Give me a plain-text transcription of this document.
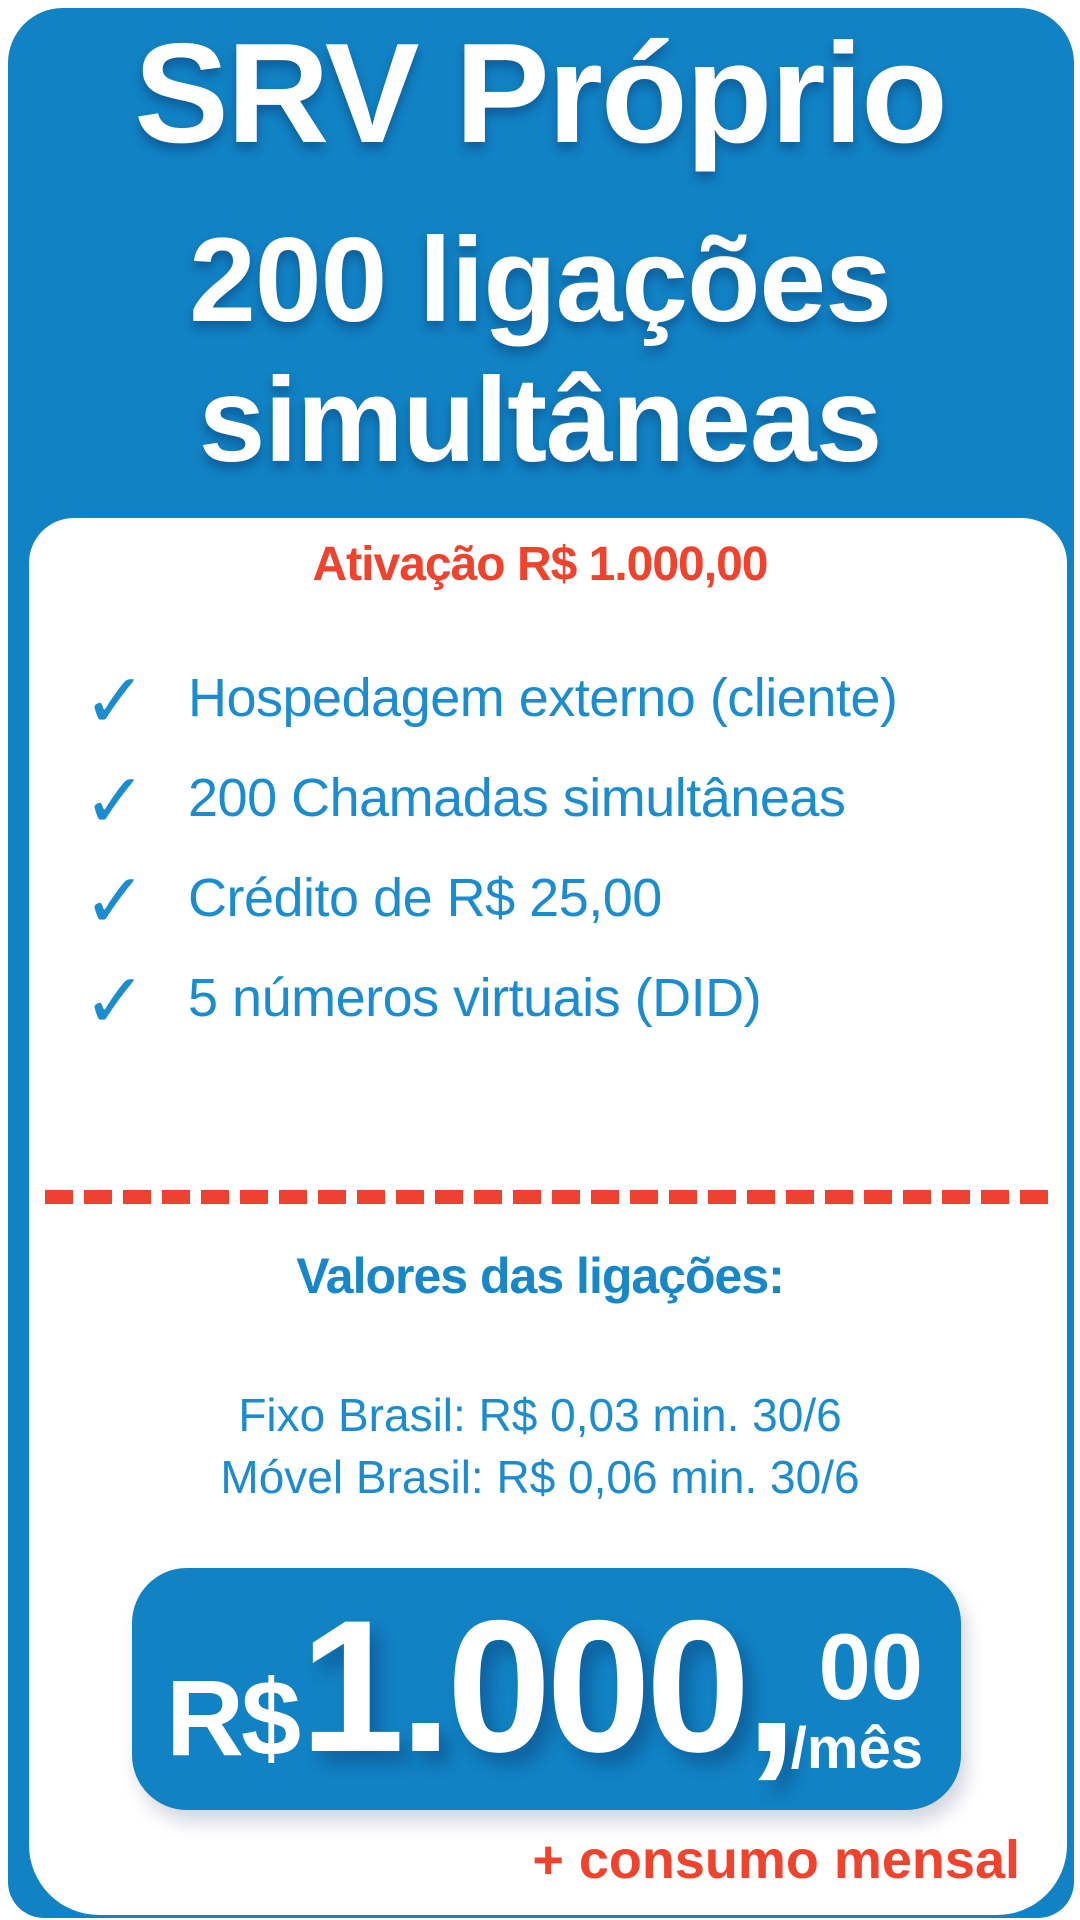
SRV Próprio
200 ligações
simultâneas
Ativação R$ 1.000,00
✓ Hospedagem externo (cliente)
✓ 200 Chamadas simultâneas
✓ Crédito de R$ 25,00
✓ 5 números virtuais (DID)
Valores das ligações:
Fixo Brasil: R$ 0,03 min. 30/6
Móvel Brasil: R$ 0,06 min. 30/6
R$ 1.000, 00
/mês
+ consumo mensal
